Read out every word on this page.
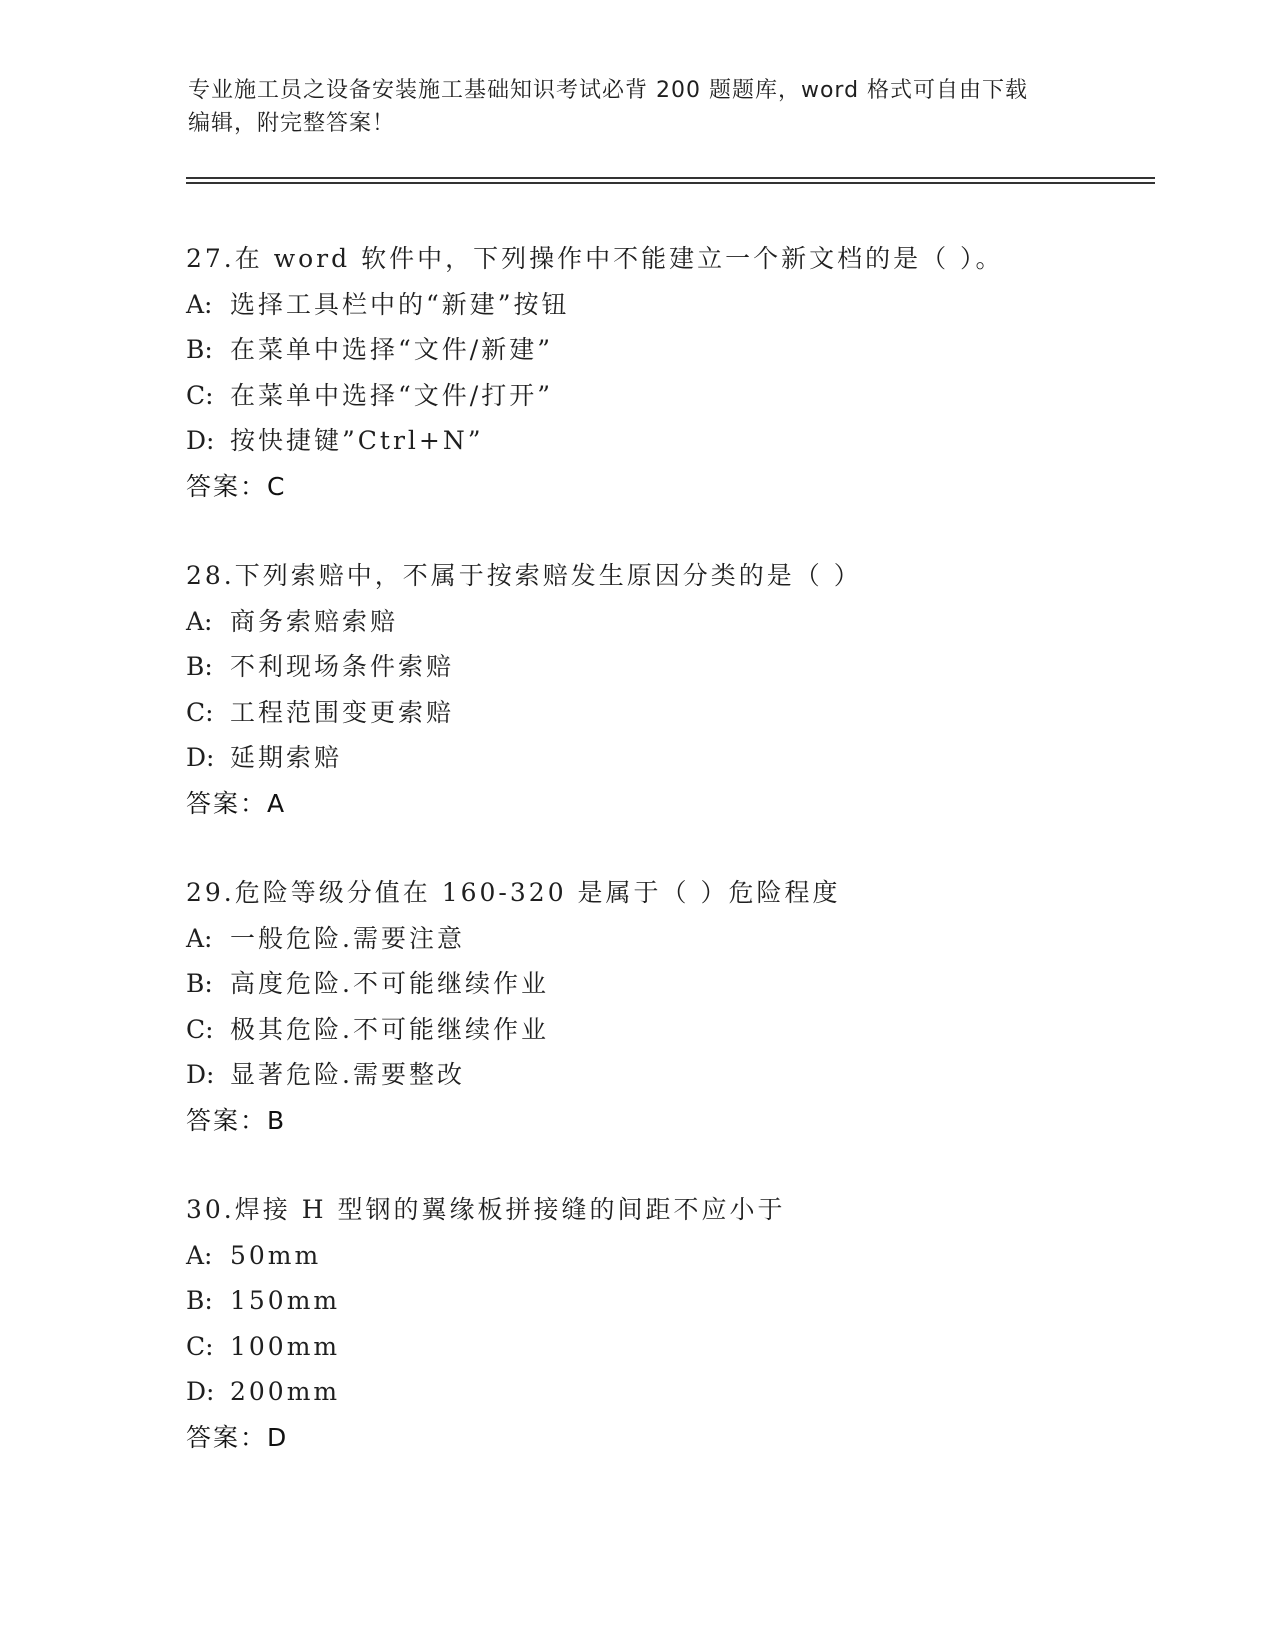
专业施工员之设备安装施工基础知识考试必背 200 题题库，word 格式可自由下载
编辑，附完整答案！
27.在 word 软件中，下列操作中不能建立一个新文档的是（ ）。
A: 选择工具栏中的“新建”按钮
B: 在菜单中选择“文件/新建”
C: 在菜单中选择“文件/打开”
D: 按快捷键”Ctrl+N”
答案：C
28.下列索赔中，不属于按索赔发生原因分类的是（ ）
A: 商务索赔索赔
B: 不利现场条件索赔
C: 工程范围变更索赔
D: 延期索赔
答案：A
29.危险等级分值在 160-320 是属于（ ）危险程度
A: 一般危险.需要注意
B: 高度危险.不可能继续作业
C: 极其危险.不可能继续作业
D: 显著危险.需要整改
答案：B
30.焊接 H 型钢的翼缘板拼接缝的间距不应小于
A: 50mm
B: 150mm
C: 100mm
D: 200mm
答案：D
